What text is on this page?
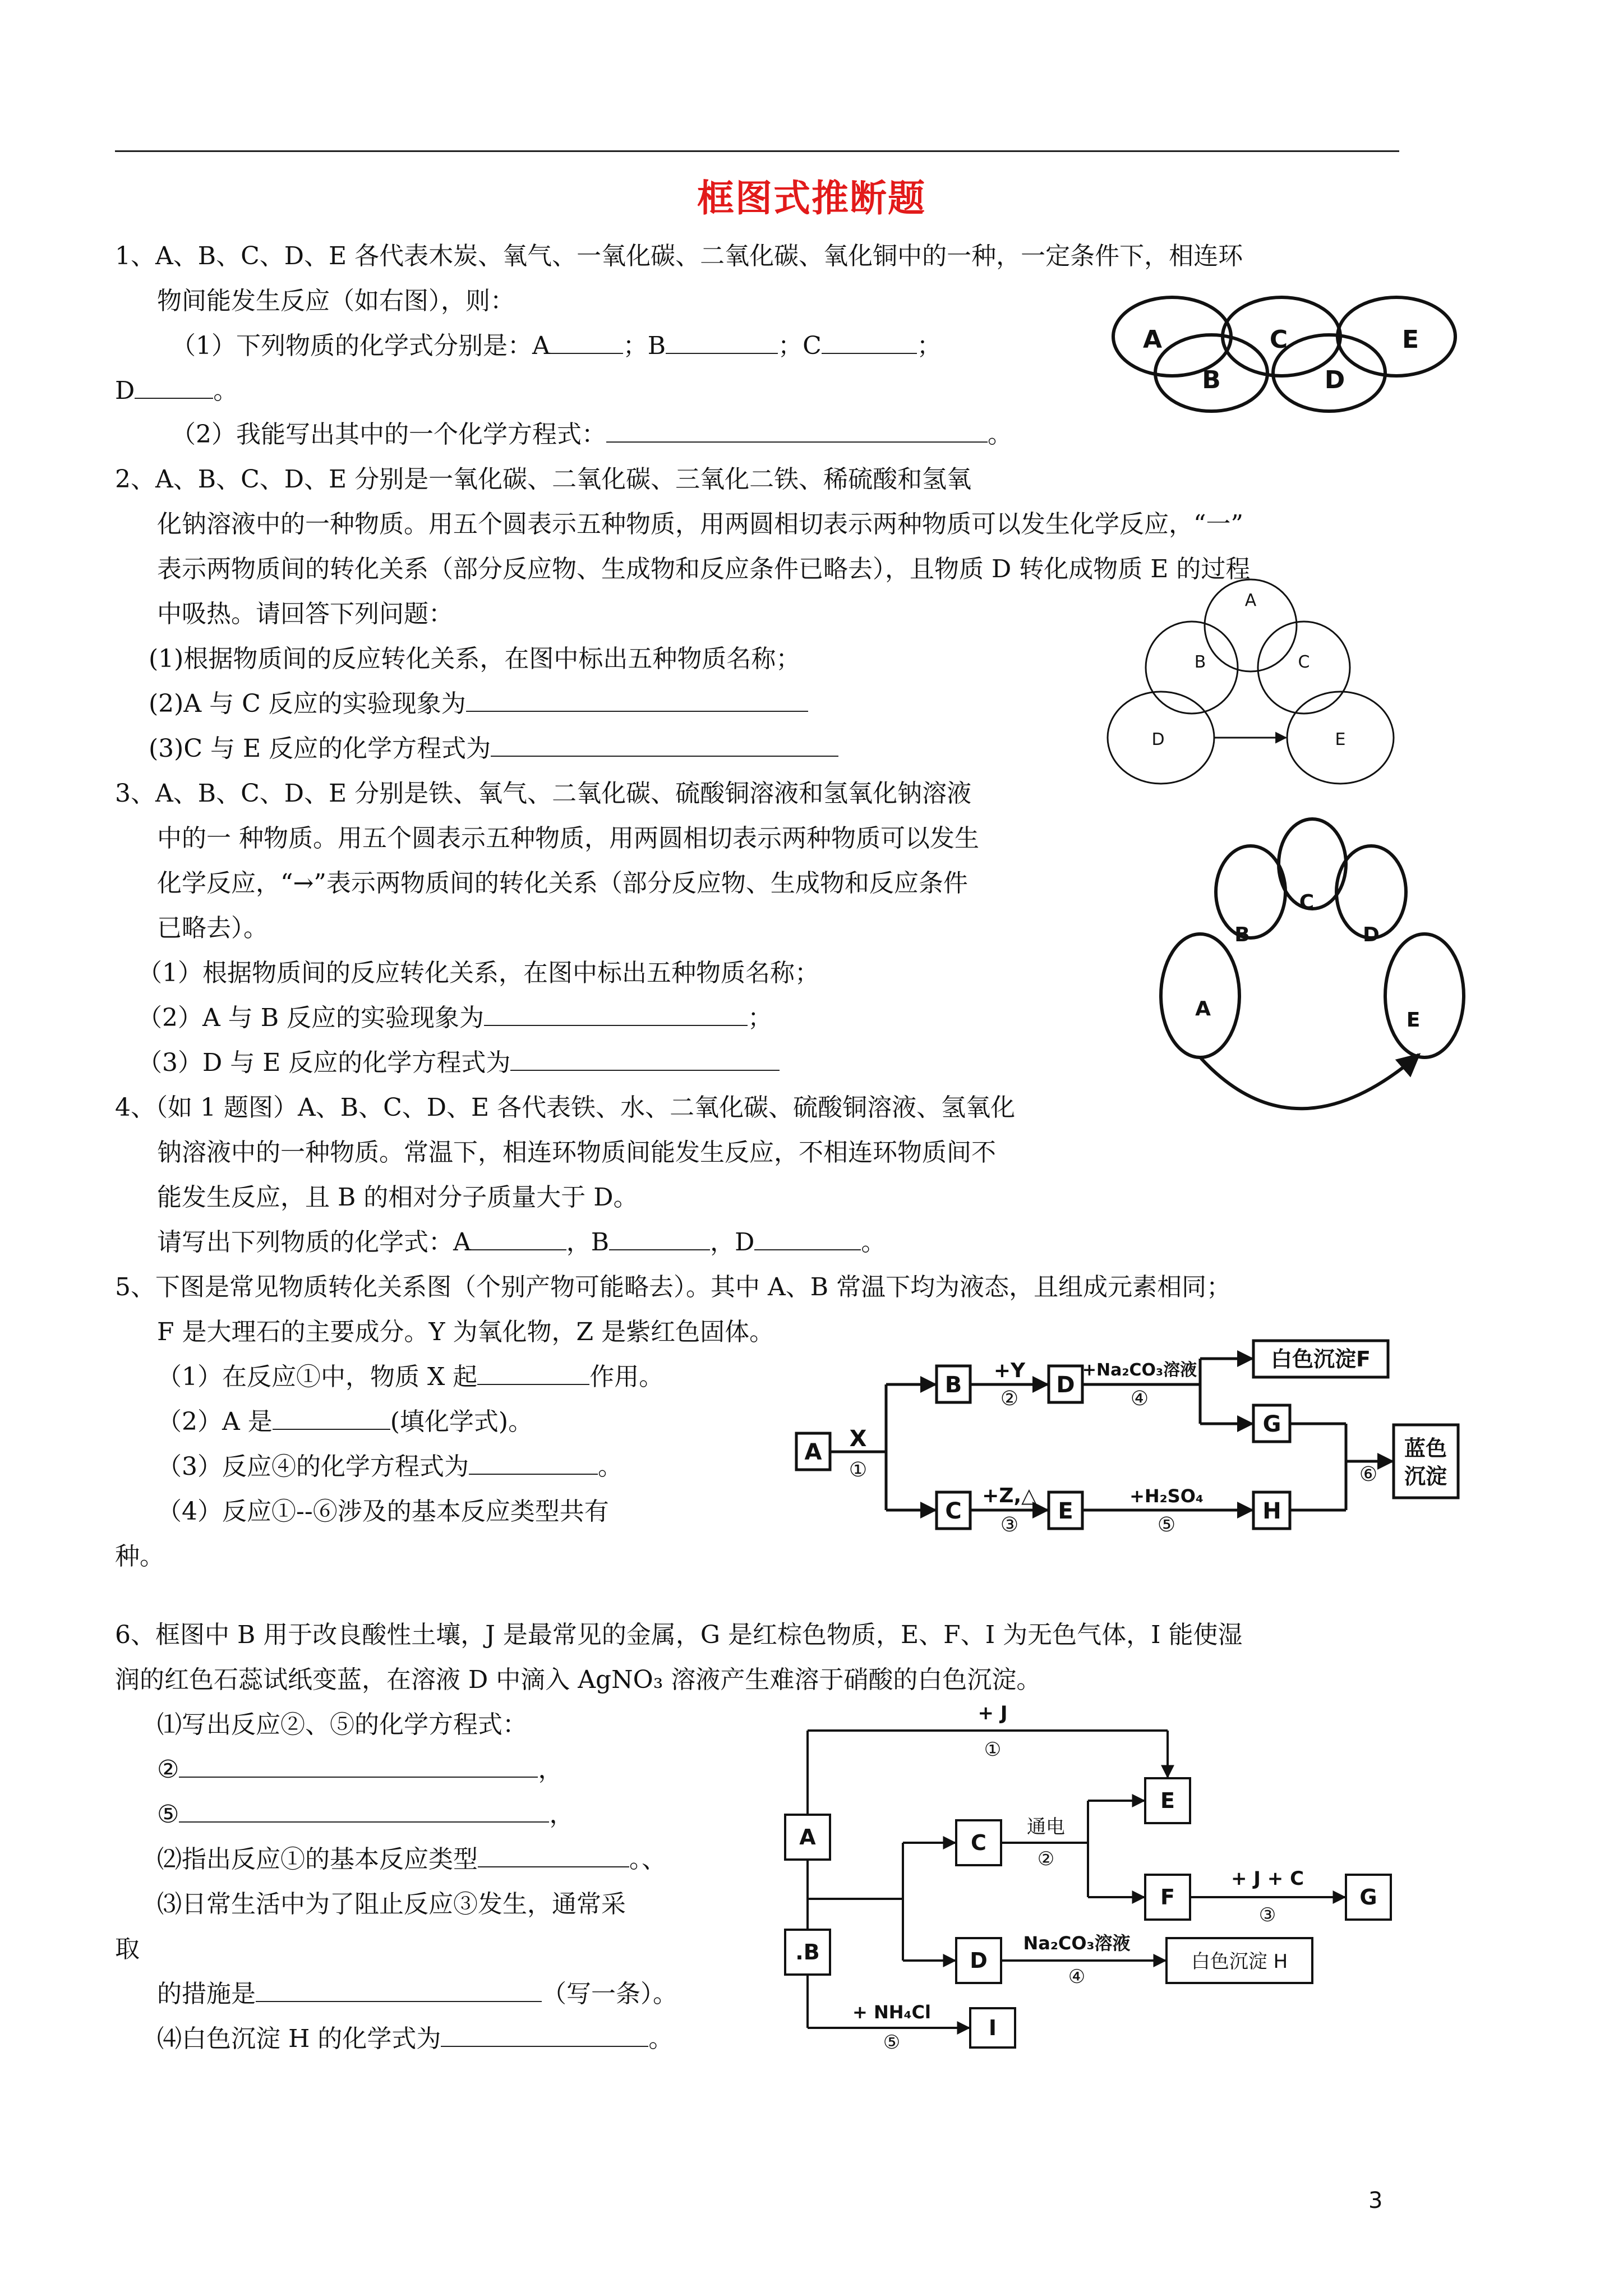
框图式推断题
1、A、B、C、D、E 各代表木炭、氧气、一氧化碳、二氧化碳、氧化铜中的一种，一定条件下，相连环
物间能发生反应（如右图），则：
（1）下列物质的化学式分别是：A	；B	；C	；
D	。
（2）我能写出其中的一个化学方程式：	。
A
B
C
D
E
2、A、B、C、D、E 分别是一氧化碳、二氧化碳、三氧化二铁、稀硫酸和氢氧
化钠溶液中的一种物质。用五个圆表示五种物质，用两圆相切表示两种物质可以发生化学反应，“一”
表示两物质间的转化关系（部分反应物、生成物和反应条件已略去），且物质 D 转化成物质 E 的过程
中吸热。请回答下列问题：
(1)根据物质间的反应转化关系，在图中标出五种物质名称；
(2)A 与 C 反应的实验现象为
(3)C 与 E 反应的化学方程式为
A
B	C
D	E
3、A、B、C、D、E 分别是铁、氧气、二氧化碳、硫酸铜溶液和氢氧化钠溶液
中的一 种物质。用五个圆表示五种物质，用两圆相切表示两种物质可以发生
化学反应，“→”表示两物质间的转化关系（部分反应物、生成物和反应条件
已略去）。
（1）根据物质间的反应转化关系，在图中标出五种物质名称；
（2）A 与 B 反应的实验现象为	；
（3）D 与 E 反应的化学方程式为
C
B	D
A	E
4、（如 1 题图）A、B、C、D、E 各代表铁、水、二氧化碳、硫酸铜溶液、氢氧化
钠溶液中的一种物质。常温下，相连环物质间能发生反应，不相连环物质间不
能发生反应，且 B 的相对分子质量大于 D。
请写出下列物质的化学式：A	，B	，D	。
5、下图是常见物质转化关系图（个别产物可能略去）。其中 A、B 常温下均为液态，且组成元素相同；
F 是大理石的主要成分。Y 为氧化物，Z 是紫红色固体。
（1）在反应①中，物质 X 起	作用。
（2）A 是	(填化学式)。
（3）反应④的化学方程式为	。
（4）反应①--⑥涉及的基本反应类型共有
种。
A
B	D
G
C	E	H
X
①
+Y
②
+Na₂CO₃溶液
④
白色沉淀F
+Z,△
③
+H₂SO₄
⑤
⑥
蓝色
沉淀
6、框图中 B 用于改良酸性土壤，J 是最常见的金属，G 是红棕色物质，E、F、I 为无色气体，I 能使湿
润的红色石蕊试纸变蓝，在溶液 D 中滴入 AgNO₃ 溶液产生难溶于硝酸的白色沉淀。
⑴写出反应②、⑤的化学方程式：
②	，
⑤	，
⑵指出反应①的基本反应类型	。、
⑶日常生活中为了阻止反应③发生，通常采
取
的措施是	（写一条）。
⑷白色沉淀 H 的化学式为	。
A
.B
C
D
E
F	G
I
+ J
①
通电
②
+ J + C
③
Na₂CO₃溶液
④
白色沉淀 H
+ NH₄Cl
⑤
3
